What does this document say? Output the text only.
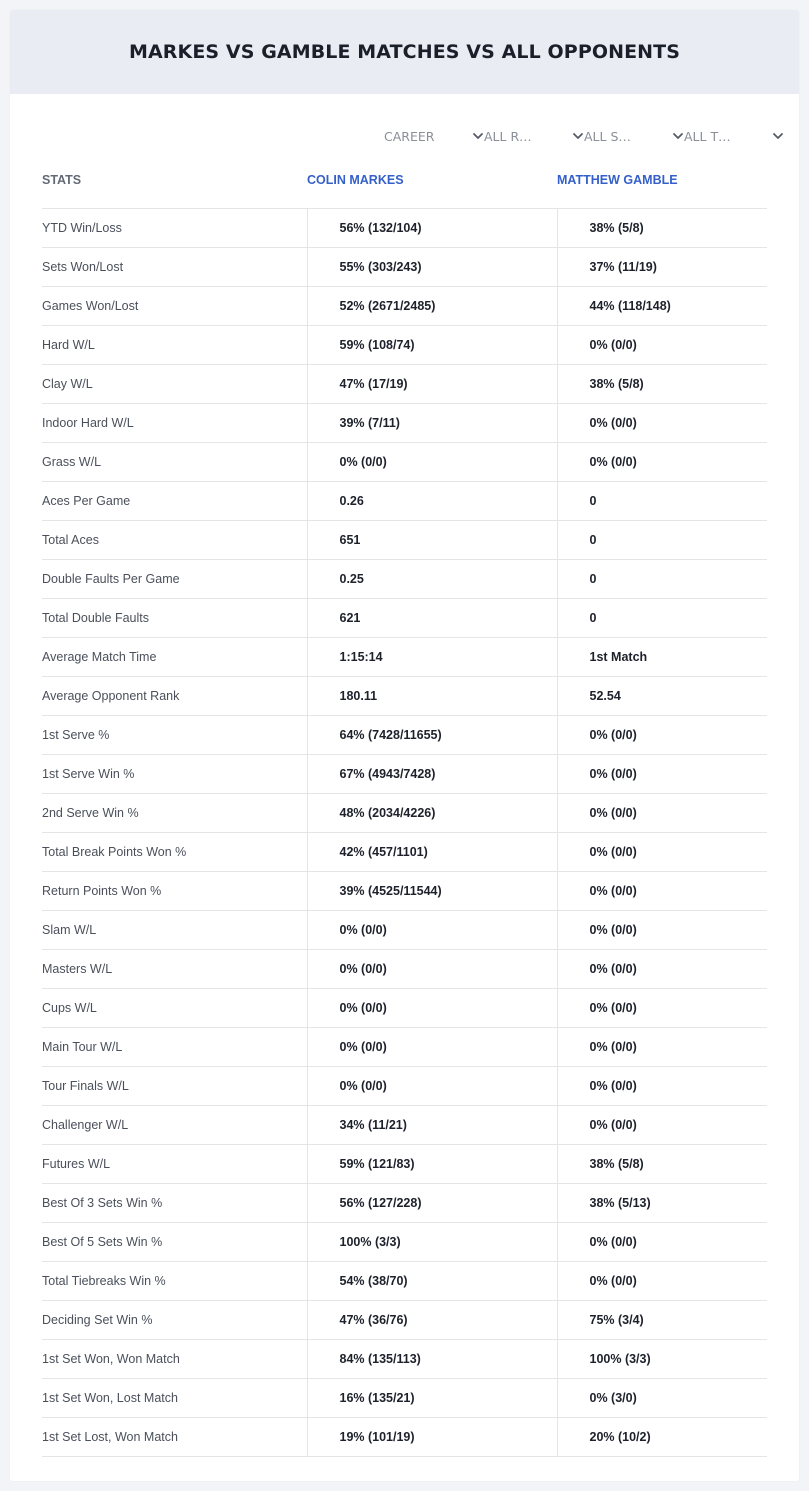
MARKES VS GAMBLE MATCHES VS ALL OPPONENTS
CAREER	ALL R…	ALL S…	ALL T…
STATS	COLIN MARKES	MATTHEW GAMBLE
YTD Win/Loss	56% (132/104)	38% (5/8)
Sets Won/Lost	55% (303/243)	37% (11/19)
Games Won/Lost	52% (2671/2485)	44% (118/148)
Hard W/L	59% (108/74)	0% (0/0)
Clay W/L	47% (17/19)	38% (5/8)
Indoor Hard W/L	39% (7/11)	0% (0/0)
Grass W/L	0% (0/0)	0% (0/0)
Aces Per Game	0.26	0
Total Aces	651	0
Double Faults Per Game	0.25	0
Total Double Faults	621	0
Average Match Time	1:15:14	1st Match
Average Opponent Rank	180.11	52.54
1st Serve %	64% (7428/11655)	0% (0/0)
1st Serve Win %	67% (4943/7428)	0% (0/0)
2nd Serve Win %	48% (2034/4226)	0% (0/0)
Total Break Points Won %	42% (457/1101)	0% (0/0)
Return Points Won %	39% (4525/11544)	0% (0/0)
Slam W/L	0% (0/0)	0% (0/0)
Masters W/L	0% (0/0)	0% (0/0)
Cups W/L	0% (0/0)	0% (0/0)
Main Tour W/L	0% (0/0)	0% (0/0)
Tour Finals W/L	0% (0/0)	0% (0/0)
Challenger W/L	34% (11/21)	0% (0/0)
Futures W/L	59% (121/83)	38% (5/8)
Best Of 3 Sets Win %	56% (127/228)	38% (5/13)
Best Of 5 Sets Win %	100% (3/3)	0% (0/0)
Total Tiebreaks Win %	54% (38/70)	0% (0/0)
Deciding Set Win %	47% (36/76)	75% (3/4)
1st Set Won, Won Match	84% (135/113)	100% (3/3)
1st Set Won, Lost Match	16% (135/21)	0% (3/0)
1st Set Lost, Won Match	19% (101/19)	20% (10/2)
